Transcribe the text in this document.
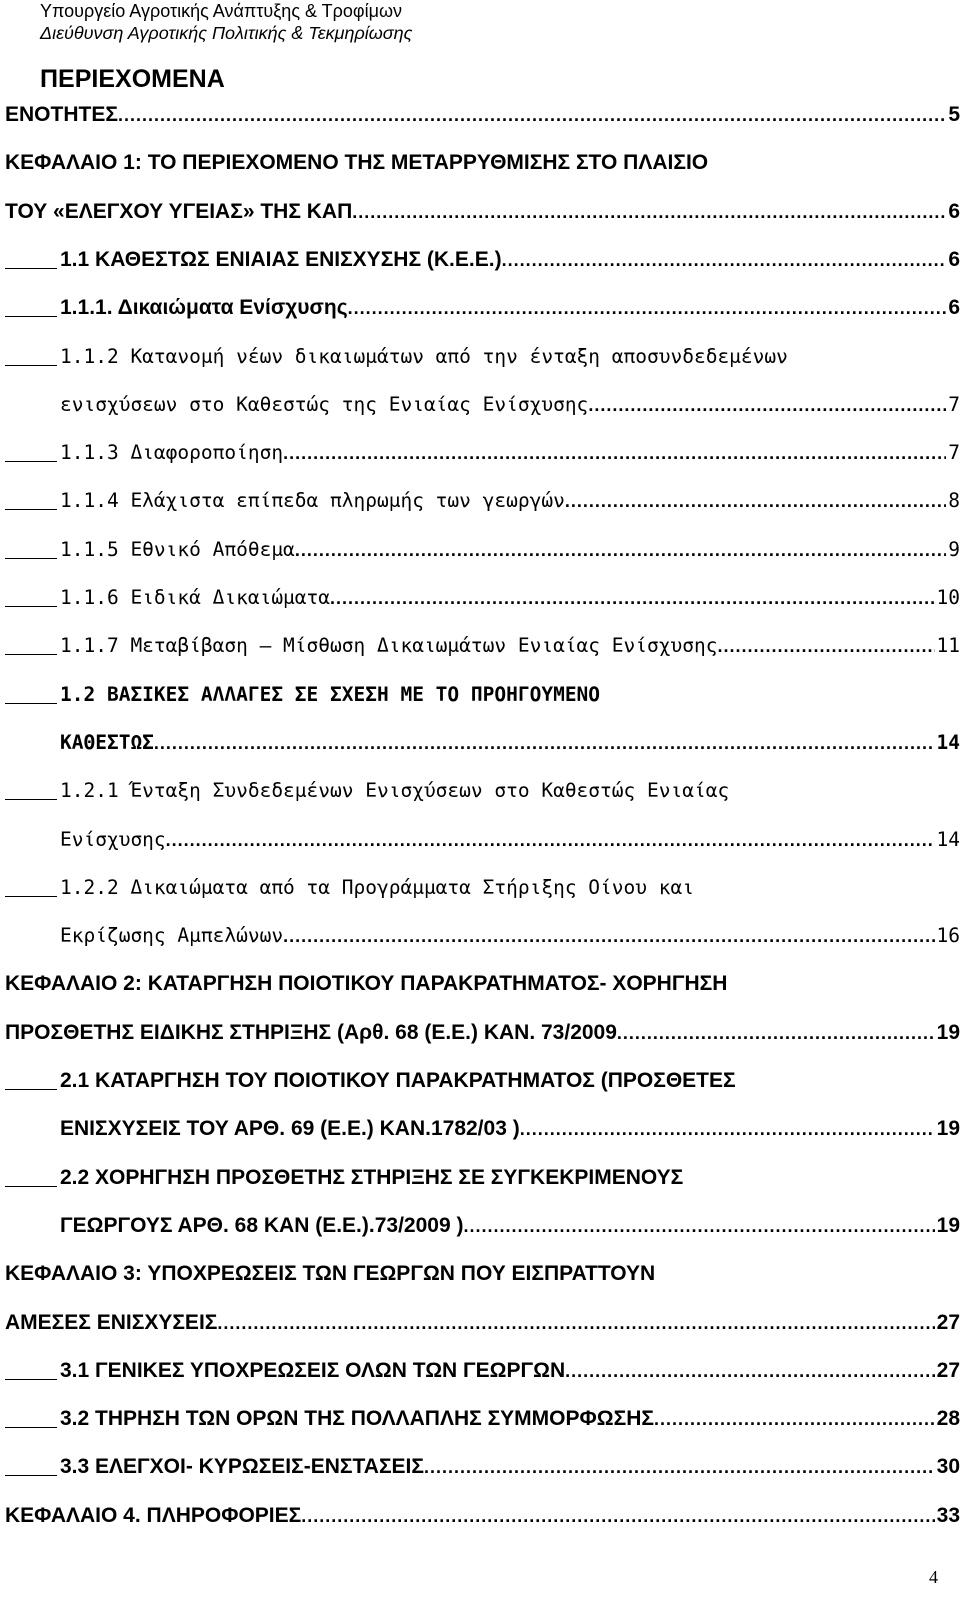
Υπουργείο Αγροτικής Ανάπτυξης & Τροφίμων
Διεύθυνση Αγροτικής Πολιτικής & Τεκμηρίωσης
ΠΕΡΙΕΧΟΜΕΝΑ
ΕΝΟΤΗΤΕΣ .....	5
ΚΕΦΑΛΑΙΟ 1: ΤΟ ΠΕΡΙΕΧΟΜΕΝΟ ΤΗΣ ΜΕΤΑΡΡΥΘΜΙΣΗΣ ΣΤΟ ΠΛΑΙΣΙΟ
ΤΟΥ «ΕΛΕΓΧΟΥ ΥΓΕΙΑΣ» ΤΗΣ ΚΑΠ .....	6
1.1 ΚΑΘΕΣΤΩΣ ΕΝΙΑΙΑΣ ΕΝΙΣΧΥΣΗΣ (Κ.Ε.Ε.) .....	6
1.1.1. Δικαιώματα Ενίσχυσης .....	6
1.1.2 Κατανομή νέων δικαιωμάτων από την ένταξη αποσυνδεδεμένων
ενισχύσεων στο Καθεστώς της Ενιαίας Ενίσχυσης .....	7
1.1.3 Διαφοροποίηση .....	7
1.1.4 Ελάχιστα επίπεδα πληρωμής των γεωργών .....	8
1.1.5 Εθνικό Απόθεμα .....	9
1.1.6 Ειδικά Δικαιώματα .....	10
1.1.7 Μεταβίβαση – Μίσθωση Δικαιωμάτων Ενιαίας Ενίσχυσης .....	11
1.2 ΒΑΣΙΚΕΣ ΑΛΛΑΓΕΣ ΣΕ ΣΧΕΣΗ ΜΕ ΤΟ ΠΡΟΗΓΟΥΜΕΝΟ
ΚΑΘΕΣΤΩΣ .....	14
1.2.1 Ένταξη Συνδεδεμένων Ενισχύσεων στο Καθεστώς Ενιαίας
Ενίσχυσης .....	14
1.2.2 Δικαιώματα από τα Προγράμματα Στήριξης Οίνου και
Εκρίζωσης Αμπελώνων .....	16
ΚΕΦΑΛΑΙΟ 2: ΚΑΤΑΡΓΗΣΗ ΠΟΙΟΤΙΚΟΥ ΠΑΡΑΚΡΑΤΗΜΑΤΟΣ- ΧΟΡΗΓΗΣΗ
ΠΡΟΣΘΕΤΗΣ ΕΙΔΙΚΗΣ ΣΤΗΡΙΞΗΣ (Αρθ. 68 (Ε.Ε.) ΚΑΝ. 73/2009 .....	19
2.1 ΚΑΤΑΡΓΗΣΗ ΤΟΥ ΠΟΙΟΤΙΚΟΥ ΠΑΡΑΚΡΑΤΗΜΑΤΟΣ (ΠΡΟΣΘΕΤΕΣ
ΕΝΙΣΧΥΣΕΙΣ ΤΟΥ ΑΡΘ. 69 (Ε.Ε.) ΚΑΝ.1782/03 ) .....	19
2.2 ΧΟΡΗΓΗΣΗ ΠΡΟΣΘΕΤΗΣ ΣΤΗΡΙΞΗΣ ΣΕ ΣΥΓΚΕΚΡΙΜΕΝΟΥΣ
ΓΕΩΡΓΟΥΣ ΑΡΘ. 68 ΚΑΝ (Ε.Ε.).73/2009 ) .....	19
ΚΕΦΑΛΑΙΟ 3: ΥΠΟΧΡΕΩΣΕΙΣ ΤΩΝ ΓΕΩΡΓΩΝ ΠΟΥ ΕΙΣΠΡΑΤΤΟΥΝ
ΑΜΕΣΕΣ ΕΝΙΣΧΥΣΕΙΣ .....	27
3.1 ΓΕΝΙΚΕΣ ΥΠΟΧΡΕΩΣΕΙΣ ΟΛΩΝ ΤΩΝ ΓΕΩΡΓΩΝ .....	27
3.2 ΤΗΡΗΣΗ ΤΩΝ ΟΡΩΝ ΤΗΣ ΠΟΛΛΑΠΛΗΣ ΣΥΜΜΟΡΦΩΣΗΣ .....	28
3.3 ΕΛΕΓΧΟΙ- ΚΥΡΩΣΕΙΣ-ΕΝΣΤΑΣΕΙΣ .....	30
ΚΕΦΑΛΑΙΟ 4. ΠΛΗΡΟΦΟΡΙΕΣ .....	33
4
